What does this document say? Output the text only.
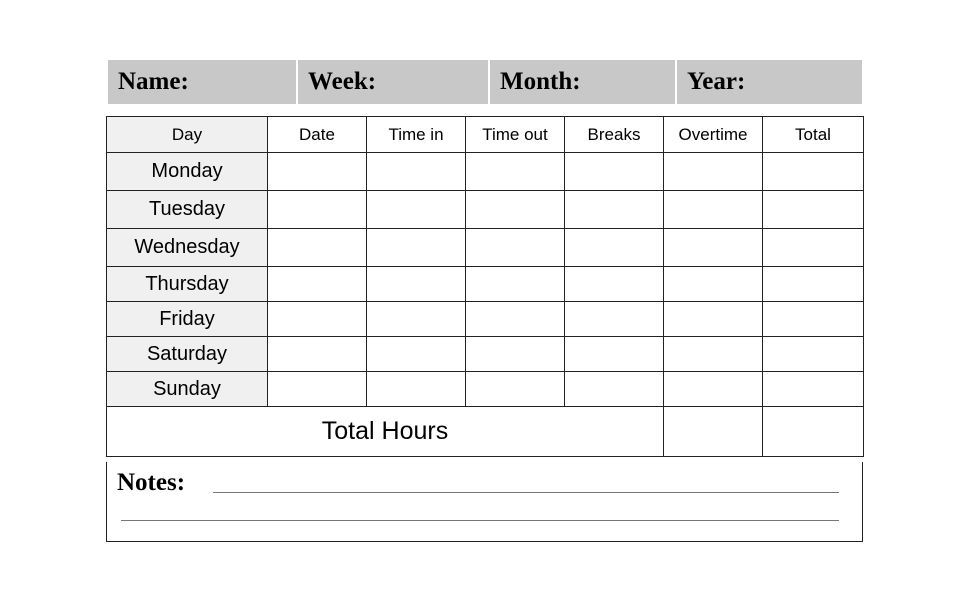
Name:	Week:	Month:	Year:
Day	Date	Time in	Time out	Breaks	Overtime	Total
Monday						
Tuesday						
Wednesday						
Thursday						
Friday						
Saturday						
Sunday						
Total Hours						
Notes:
